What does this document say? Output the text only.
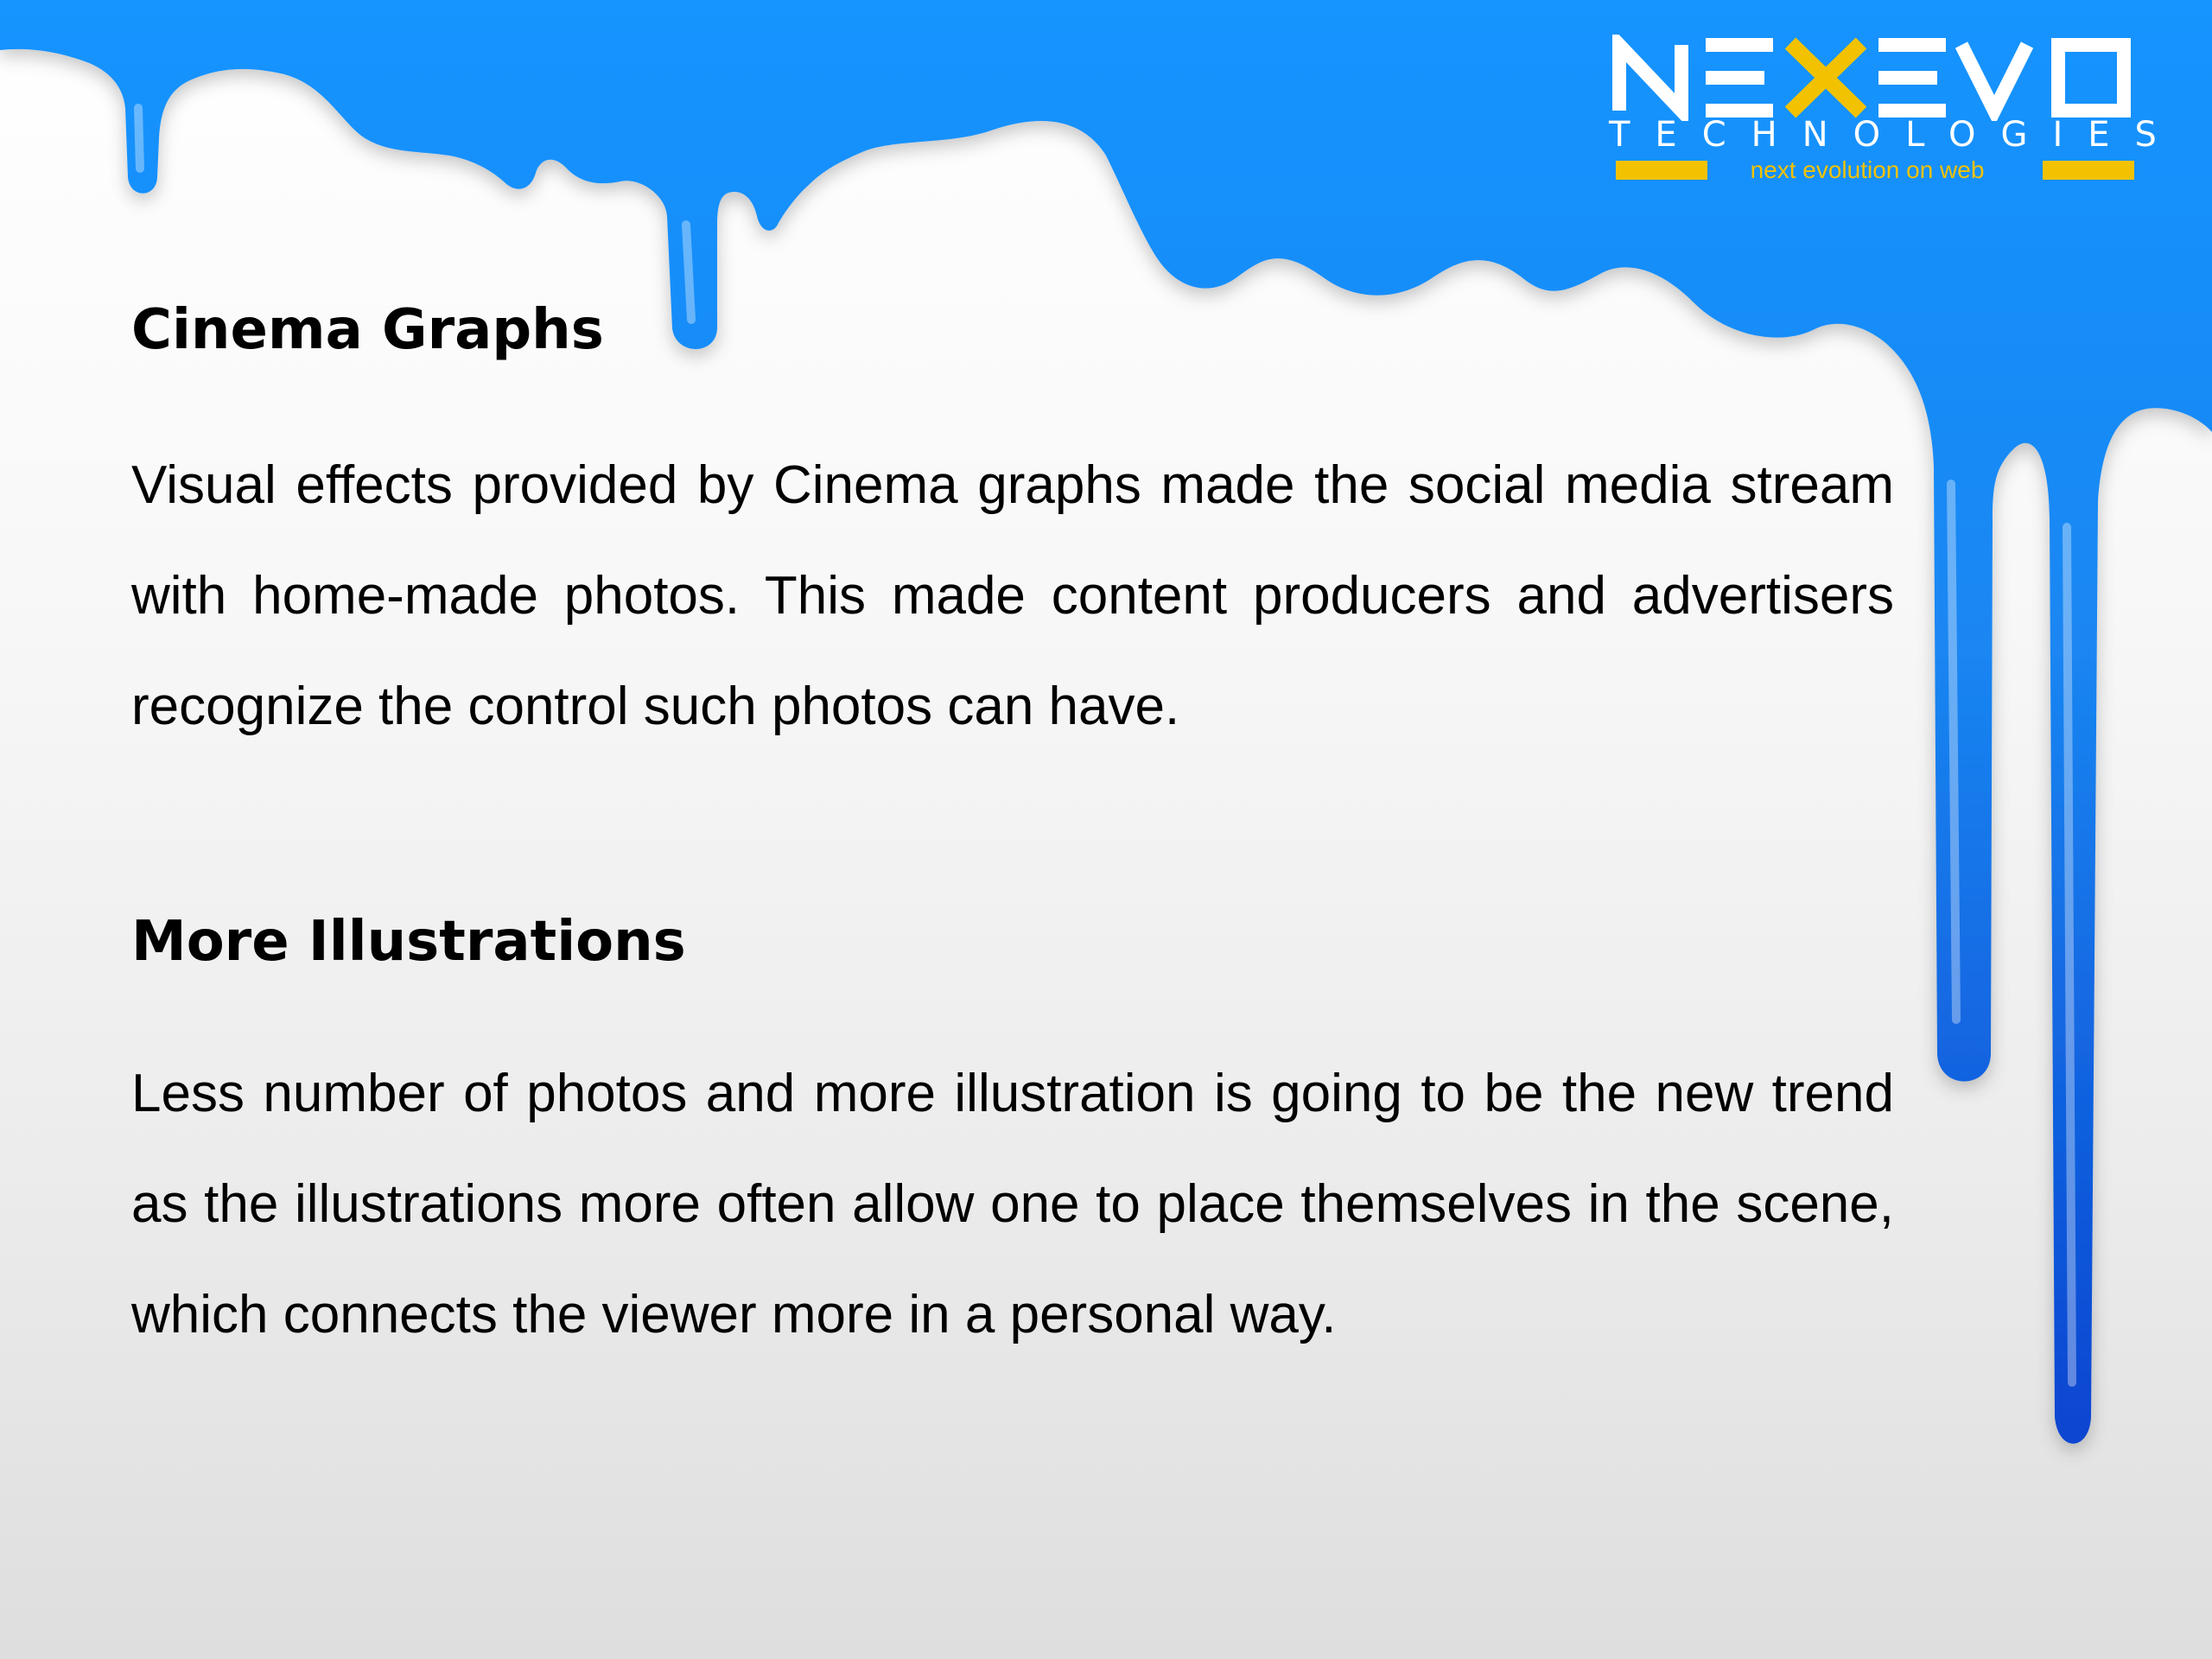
TECHNOLOGIES
next evolution on web
Cinema Graphs

Visual effects provided by Cinema graphs made the social media stream with home-made photos. This made content producers and advertisers recognize the control such photos can have.

More Illustrations

Less number of photos and more illustration is going to be the new trend as the illustrations more often allow one to place themselves in the scene, which connects the viewer more in a personal way.
